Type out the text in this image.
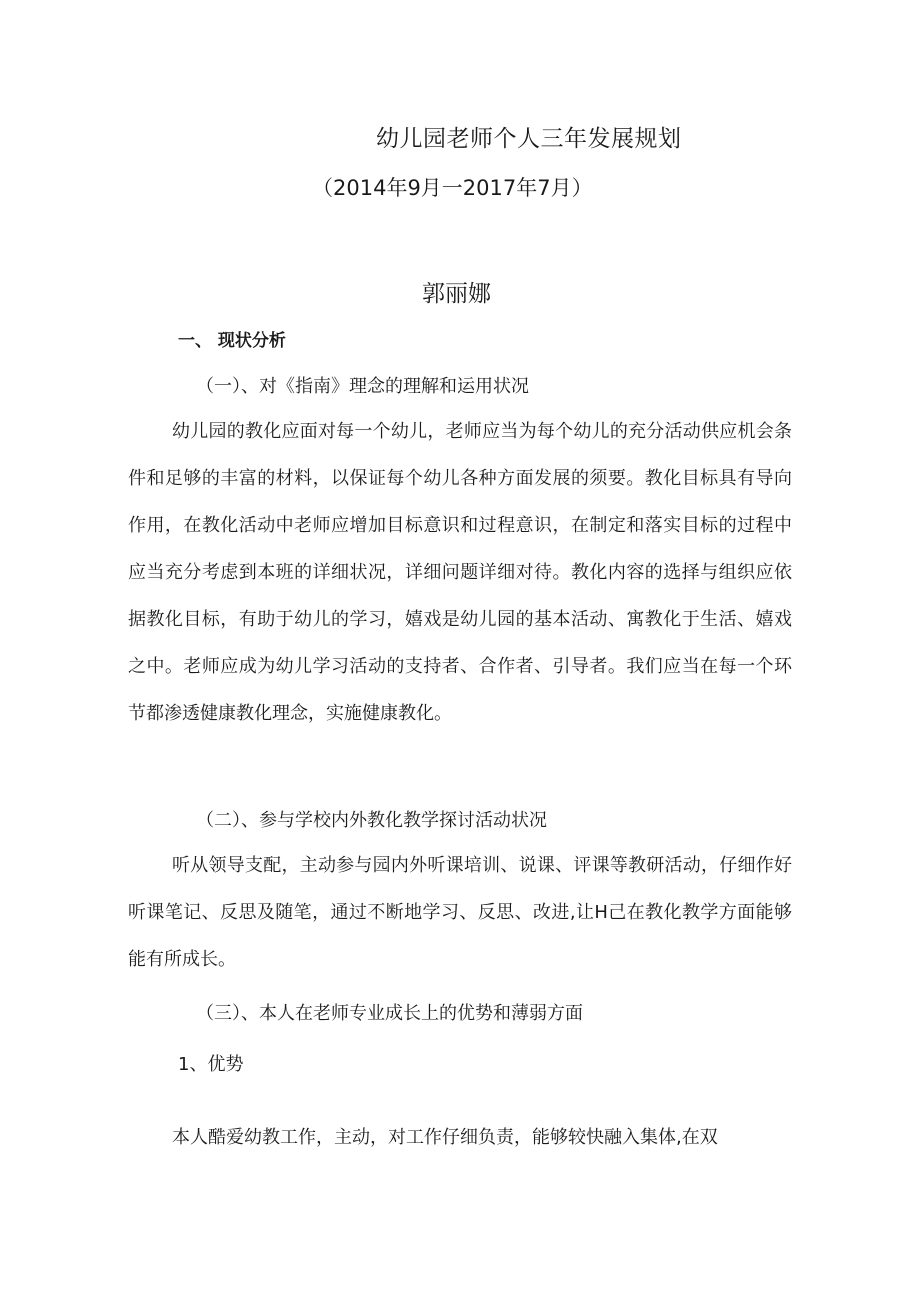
幼儿园老师个人三年发展规划
（2014年9月一2017年7月）
郭丽娜
一、 现状分析
（一）、对《指南》理念的理解和运用状况

幼儿园的教化应面对每一个幼儿，老师应当为每个幼儿的充分活动供应机会条件和足够的丰富的材料，以保证每个幼儿各种方面发展的须要。教化目标具有导向作用，在教化活动中老师应增加目标意识和过程意识，在制定和落实目标的过程中应当充分考虑到本班的详细状况，详细问题详细对待。教化内容的选择与组织应依据教化目标，有助于幼儿的学习，嬉戏是幼儿园的基本活动、寓教化于生活、嬉戏之中。老师应成为幼儿学习活动的支持者、合作者、引导者。我们应当在每一个环节都渗透健康教化理念，实施健康教化。

（二）、参与学校内外教化教学探讨活动状况

听从领导支配，主动参与园内外听课培训、说课、评课等教研活动，仔细作好听课笔记、反思及随笔，通过不断地学习、反思、改进,让H己在教化教学方面能够能有所成长。

（三）、本人在老师专业成长上的优势和薄弱方面
1、优势

本人酷爱幼教工作，主动，对工作仔细负责，能够较快融入集体,在双
